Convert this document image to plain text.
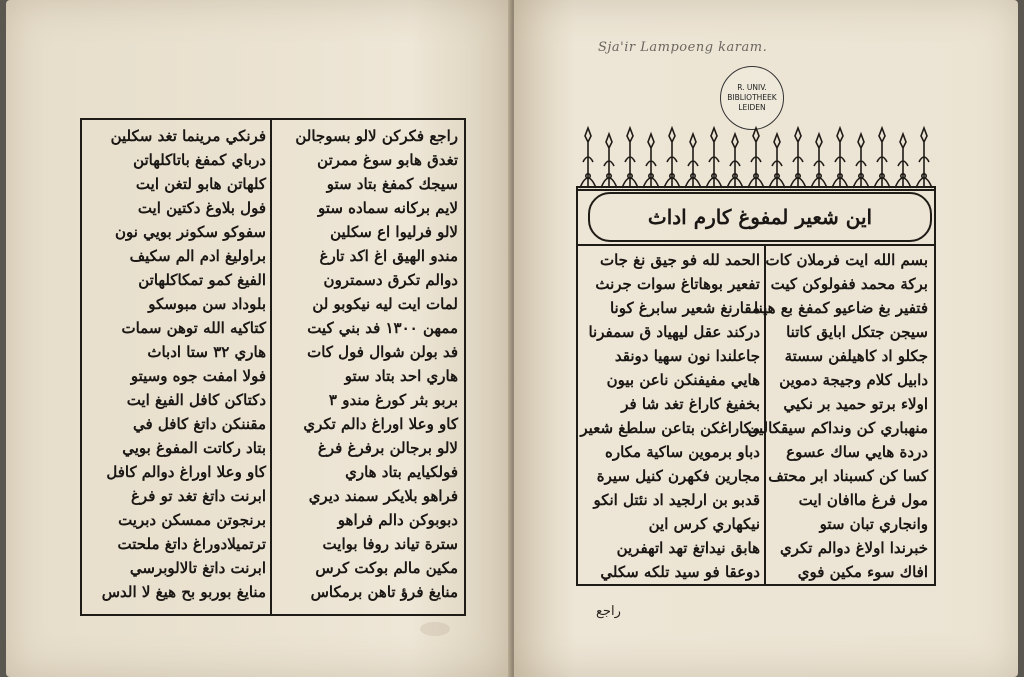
راجع فكركن لالو بسوجالن
تغدق هابو سوغ ممرتن
سيجك كمفغ بتاد ستو
لايم بركانه سماده ستو
لالو فرليوا اع سكلين
مندو الهيق اغ اكد تارغ
دوالم تكرق دسمترون
لمات ايت ليه نيكوبو لن
ممهن ١٣٠٠ فد بني كيت
فد بولن شوال فول كات
هاري احد بتاد ستو
بربو بثر كورغ مندو ٣
كاو وعلا اوراغ دالم تكري
لالو برجالن برفرغ فرغ
فولكيايم بتاد هاري
فراهو بلايكر سمند ديري
دبوبوكن دالم فراهو
سترة تياند روفا بوايت
مكين مالم بوكت كرس
منايغ فرؤ تاهن برمكاس
فرنكي مرينما تغد سكلين
درباي كمفغ باتاكلهاتن
كلهاتن هابو لتغن ايت
فول بلاوغ دكتين ايت
سفوكو سكونر بويي نون
براوليغ ادم الم سكيف
الفيغ كمو تمكاكلهاتن
بلوداد سن مبوسكو
كتاكيه الله توهن سمات
هاري ٣٢ ستا ادباث
فولا امفت جوه وسيتو
دكتاكن كافل الفيغ ايت
مقننكن داتغ كافل في
بتاد ركاتت المفوغ بويي
كاو وعلا اوراغ دوالم كافل
ابرنت داتغ تغد تو فرغ
برنجوتن ممسكن دبريت
ترتميلادوراغ داتغ ملحتت
ابرنت داتغ تالالوبرسي
منايغ بوربو بح هيغ لا الدس
Sja'ir Lampoeng karam.
R. UNIV.
BIBLIOTHEEK
LEIDEN
اين شعير لمفوغ كارم اداث
بسم الله ايت فرملان كات
بركة محمد ففولوكن كيت
فتفير بغ ضاعيو كمفغ بع هينا
سيجن جتكل ابايق كاتنا
جكلو اد كاهيلفن سستة
دابيل كلام وجيجة دموين
اولاء برتو حميد بر نكيي
منهباري كن ونداكم سيقكالين
دردة هايي ساك عسوع
كسا كن كسبناد ابر محتف
مول فرغ ماافان ايت
وانجاري تبان ستو
خبرندا اولاغ دوالم تكري
افاك سوء مكين فوي
الحمد لله فو جيق نغ جات
تفعير بوهاتاغ سوات جرنث
مقارنغ شعير سابرغ كونا
دركند عقل ليهياد ق سمفرنا
جاعلندا نون سهيا دونقد
هايي مفيفنكن ناعن بيون
بخفيغ كاراغ تغد شا فر
مكاراغكن بتاعن سلطغ شعير
دباو برموين ساكية مكاره
مجارين فكهرن كنيل سيرة
قدبو بن ارلجيد اد نئتل انكو
نيكهاري كرس اين
هابق نيداتغ تهد اتهفرين
دوعقا فو سيد تلكه سكلي
راجع
